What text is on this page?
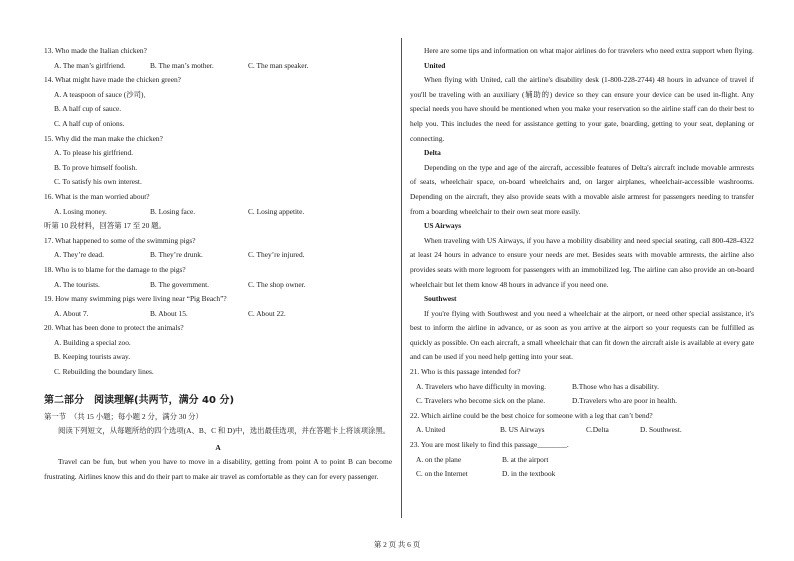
13. Who made the Italian chicken?

A. The man’s girlfriend.	B. The man’s mother.	C. The man speaker.

14. What might have made the chicken green?

A. A teaspoon of sauce (沙司)．

B. A half cup of sauce.

C. A half cup of onions.

15. Why did the man make the chicken?

A. To please his girlfriend.

B. To prove himself foolish.

C. To satisfy his own interest.

16. What is the man worried about?

A. Losing money.	B. Losing face.	C. Losing appetite.

听第 10 段材料，回答第 17 至 20 题。

17. What happened to some of the swimming pigs?

A. They’re dead.	B. They’re drunk.	C. They’re injured.

18. Who is to blame for the damage to the pigs?

A. The tourists.	B. The government.	C. The shop owner.

19. How many swimming pigs were living near “Pig Beach”?

A. About 7.	B. About 15.	C. About 22.

20. What has been done to protect the animals?

A. Building a special zoo.

B. Keeping tourists away.

C. Rebuilding the boundary lines.

第二部分　阅读理解(共两节，满分 40 分)

第一节　（共 15 小题；每小题 2 分，满分 30 分）

阅读下列短文，从每题所给的四个选项(A、B、C 和 D)中，选出最佳选项，并在答题卡上将该项涂黑。

A

Travel can be fun, but when you have to move in a disability, getting from point A to point B can become frustrating. Airlines know this and do their part to make air travel as comfortable as they can for every passenger.

Here are some tips and information on what major airlines do for travelers who need extra support when flying.

United

When flying with United, call the airline's disability desk (1-800-228-2744) 48 hours in advance of travel if you'll be traveling with an auxiliary (辅助的) device so they can ensure your device can be used in-flight. Any special needs you have should be mentioned when you make your reservation so the airline staff can do their best to help you. This includes the need for assistance getting to your gate, boarding, getting to your seat, deplaning or connecting.

Delta

Depending on the type and age of the aircraft, accessible features of Delta's aircraft include movable armrests of seats, wheelchair space, on-board wheelchairs and, on larger airplanes, wheelchair-accessible washrooms. Depending on the aircraft, they also provide seats with a movable aisle armrest for passengers needing to transfer from a boarding wheelchair to their own seat more easily.

US Airways

When traveling with US Airways, if you have a mobility disability and need special seating, call 800-428-4322 at least 24 hours in advance to ensure your needs are met. Besides seats with movable armrests, the airline also provides seats with more legroom for passengers with an immobilized leg. The airline can also provide an on-board wheelchair but let them know 48 hours in advance if you need one.

Southwest

If you're flying with Southwest and you need a wheelchair at the airport, or need other special assistance, it's best to inform the airline in advance, or as soon as you arrive at the airport so your requests can be fulfilled as quickly as possible. On each aircraft, a small wheelchair that can fit down the aircraft aisle is available at every gate and can be used if you need help getting into your seat.

21. Who is this passage intended for?

A. Travelers who have difficulty in moving.	B.Those who has a disability.
C. Travelers who become sick on the plane.	D.Travelers who are poor in health.

22. Which airline could be the best choice for someone with a leg that can’t bend?

A. United	B. US Airways	C.Delta	D. Southwest.

23. You are most likely to find this passage________.

A. on the plane	B. at the airport
C. on the Internet	D. in the textbook
第 2 页 共 6 页
